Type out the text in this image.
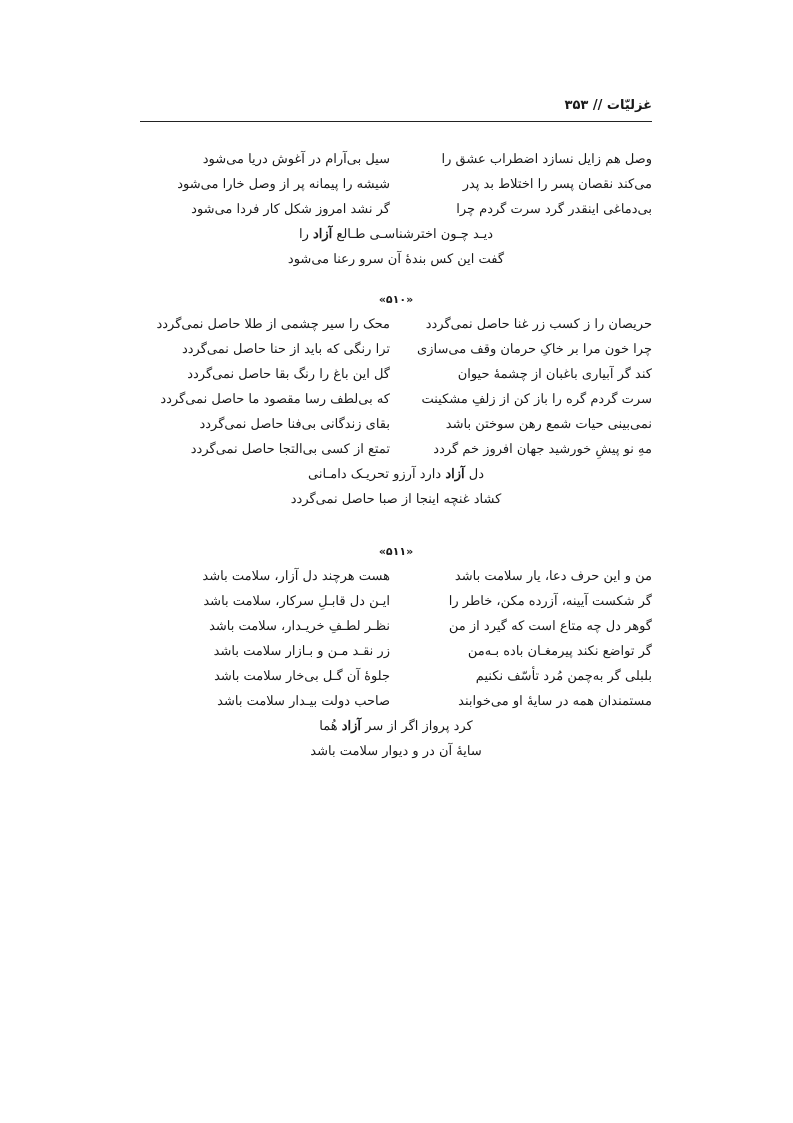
غزلیّات // ۳۵۳
وصل هم زایل نسازد اضطراب عشق را
سیل بی‌آرام در آغوش دریا می‌شود
می‌کند نقصان پسر را اختلاط بد پدر
شیشه را پیمانه پر از وصل خارا می‌شود
بی‌دماغی اینقدر گرد سرت گردم چرا
گر نشد امروز شکل کار فردا می‌شود
دیـد چـون اخترشناسـی طـالع آزاد را
گفت این کس بندهٔ آن سرو رعنا می‌شود
«۵۱۰»
حریصان را ز کسب زر غنا حاصل نمی‌گردد
محک را سیر چشمی از طلا حاصل نمی‌گردد
چرا خون مرا بر خاکِ حرمان وقف می‌سازی
ترا رنگی که باید از حنا حاصل نمی‌گردد
کند گر آبیاری باغبان از چشمهٔ حیوان
گل این باغ را رنگ بقا حاصل نمی‌گردد
سرت گردم گره را باز کن از زلفِ مشکینت
که بی‌لطف رسا مقصود ما حاصل نمی‌گردد
نمی‌بینی حیات شمع رهن سوختن باشد
بقای زندگانی بی‌فنا حاصل نمی‌گردد
مهِ نو پیشِ خورشید جهان افروز خم گردد
تمتع از کسی بی‌التجا حاصل نمی‌گردد
دل آزاد دارد آرزو تحریـک دامـانی
کشاد غنچه اینجا از صبا حاصل نمی‌گردد
«۵۱۱»
من و این حرف دعا، یار سلامت باشد
هست هرچند دل آزار، سلامت باشد
گر شکست آیینه، آزرده مکن، خاطر را
ایـن دل قابـلِ سرکار، سلامت باشد
گوهر دل چه متاع است که گیرد از من
نظـر لطـفِ خریـدار، سلامت باشد
گر تواضع نکند پیرمغـان باده بـه‌من
زر نقـد مـن و بـازار سلامت باشد
بلبلی گر به‌چمن مُرد تأسّف نکنیم
جلوهٔ آن گـل بی‌خار سلامت باشد
مستمندان همه در سایهٔ او می‌خوابند
صاحب دولت بیـدار سلامت باشد
کرد پرواز اگر از سر آزاد هُما
سایهٔ آن در و دیوار سلامت باشد
